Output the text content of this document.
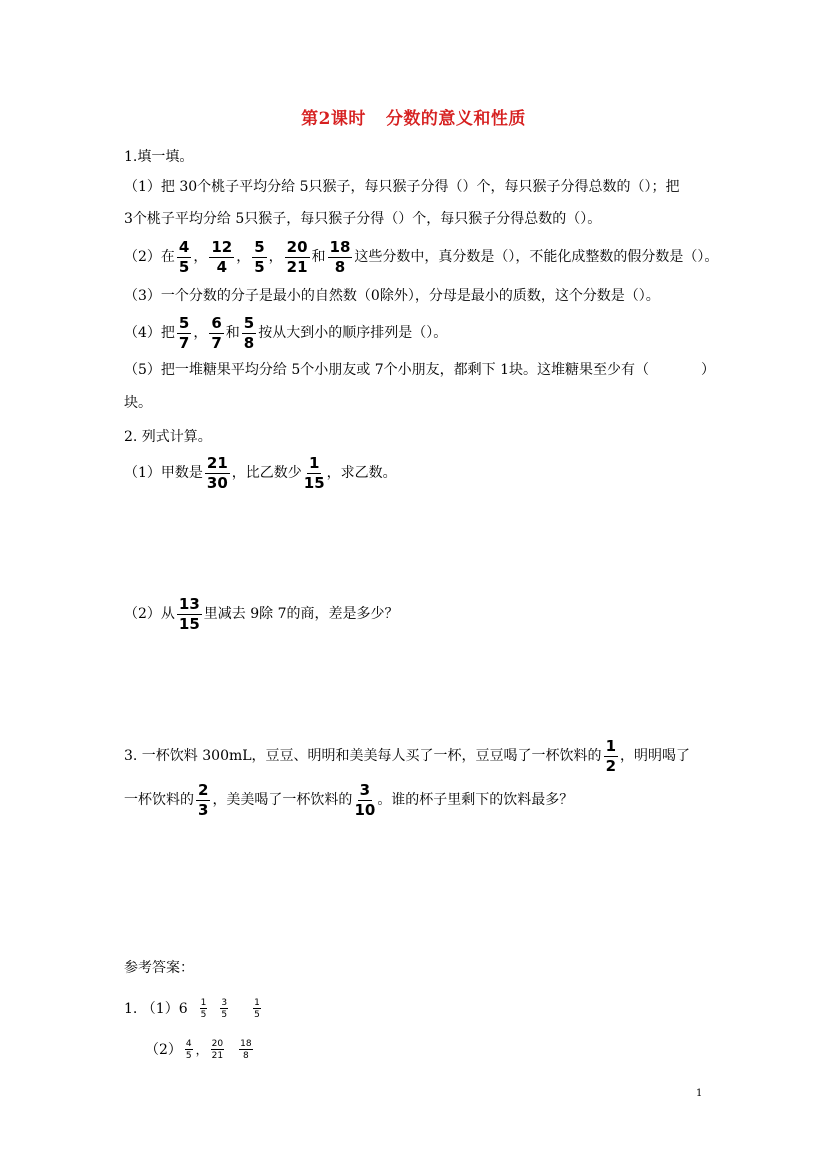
第2课时 分数的意义和性质
1.填一填。
（1）把 30个桃子平均分给 5只猴子，每只猴子分得（）个，每只猴子分得总数的（）；把
3个桃子平均分给 5只猴子，每只猴子分得（）个，每只猴子分得总数的（）。
（2）在 $\frac{4}{5}$ ， $\frac{12}{4}$ ， $\frac{5}{5}$ ， $\frac{20}{21}$ 和 $\frac{18}{8}$ 这些分数中，真分数是（），不能化成整数的假分数是（）。
（3）一个分数的分子是最小的自然数（0除外），分母是最小的质数，这个分数是（）。
（4）把 $\frac{5}{7}$ ， $\frac{6}{7}$ 和 $\frac{5}{8}$ 按从大到小的顺序排列是（）。
（5）把一堆糖果平均分给 5个小朋友或 7个小朋友，都剩下 1块。这堆糖果至少有（	）
块。
2. 列式计算。
（1）甲数是 $\frac{21}{30}$ ，比乙数少 $\frac{1}{15}$ ，求乙数。
（2）从 $\frac{13}{15}$ 里减去 9除 7的商，差是多少？
3. 一杯饮料 300mL，豆豆、明明和美美每人买了一杯，豆豆喝了一杯饮料的 $\frac{1}{2}$ ，明明喝了
一杯饮料的 $\frac{2}{3}$ ，美美喝了一杯饮料的 $\frac{3}{10}$ 。谁的杯子里剩下的饮料最多？
参考答案：
1. $(1)6 \frac{1}{5} \frac{3}{5}$	$\frac{1}{5}$
$(2) \frac{4}{5}$ ， $\frac{20}{21} \frac{18}{8}$
1
